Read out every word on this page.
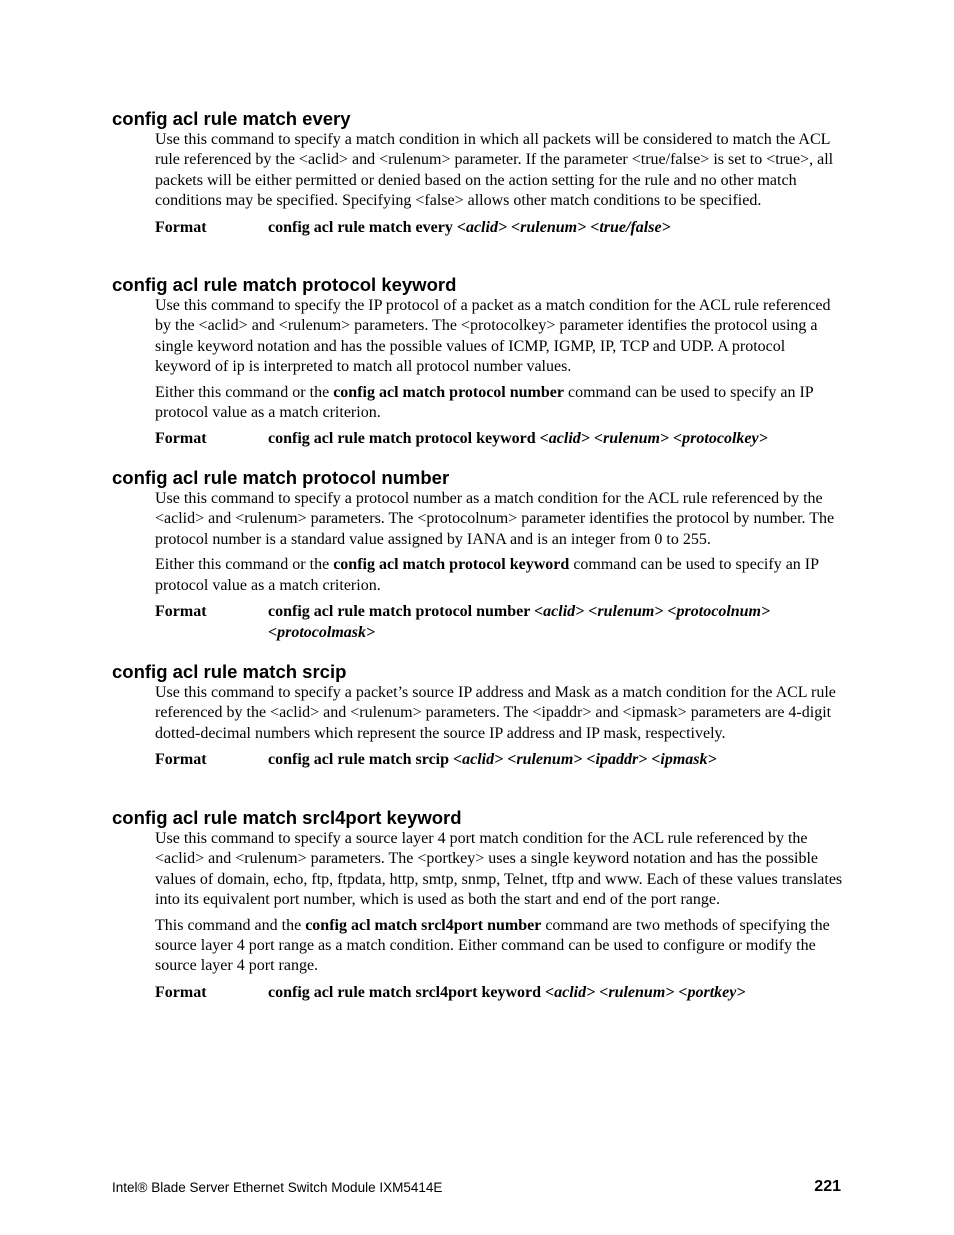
config acl rule match every

Use this command to specify a match condition in which all packets will be considered to match the ACL rule referenced by the <aclid> and <rulenum> parameter. If the parameter <true/false> is set to <true>, all packets will be either permitted or denied based on the action setting for the rule and no other match conditions may be specified. Specifying <false> allows other match conditions to be specified.

Format	config acl rule match every <aclid> <rulenum> <true/false>
config acl rule match protocol keyword

Use this command to specify the IP protocol of a packet as a match condition for the ACL rule referenced by the <aclid> and <rulenum> parameters. The <protocolkey> parameter identifies the protocol using a single keyword notation and has the possible values of ICMP, IGMP, IP, TCP and UDP. A protocol keyword of ip is interpreted to match all protocol number values.

Either this command or the config acl match protocol number command can be used to specify an IP protocol value as a match criterion.

Format	config acl rule match protocol keyword <aclid> <rulenum> <protocolkey>
config acl rule match protocol number

Use this command to specify a protocol number as a match condition for the ACL rule referenced by the <aclid> and <rulenum> parameters. The <protocolnum> parameter identifies the protocol by number. The protocol number is a standard value assigned by IANA and is an integer from 0 to 255.

Either this command or the config acl match protocol keyword command can be used to specify an IP protocol value as a match criterion.

Format	config acl rule match protocol number <aclid> <rulenum> <protocolnum> <protocolmask>
config acl rule match srcip

Use this command to specify a packet’s source IP address and Mask as a match condition for the ACL rule referenced by the <aclid> and <rulenum> parameters. The <ipaddr> and <ipmask> parameters are 4-digit dotted-decimal numbers which represent the source IP address and IP mask, respectively.

Format	config acl rule match srcip <aclid> <rulenum> <ipaddr> <ipmask>
config acl rule match srcl4port keyword

Use this command to specify a source layer 4 port match condition for the ACL rule referenced by the <aclid> and <rulenum> parameters. The <portkey> uses a single keyword notation and has the possible values of domain, echo, ftp, ftpdata, http, smtp, snmp, Telnet, tftp and www. Each of these values translates into its equivalent port number, which is used as both the start and end of the port range.

This command and the config acl match srcl4port number command are two methods of specifying the source layer 4 port range as a match condition. Either command can be used to configure or modify the source layer 4 port range.

Format	config acl rule match srcl4port keyword <aclid> <rulenum> <portkey>
Intel® Blade Server Ethernet Switch Module IXM5414E	221
